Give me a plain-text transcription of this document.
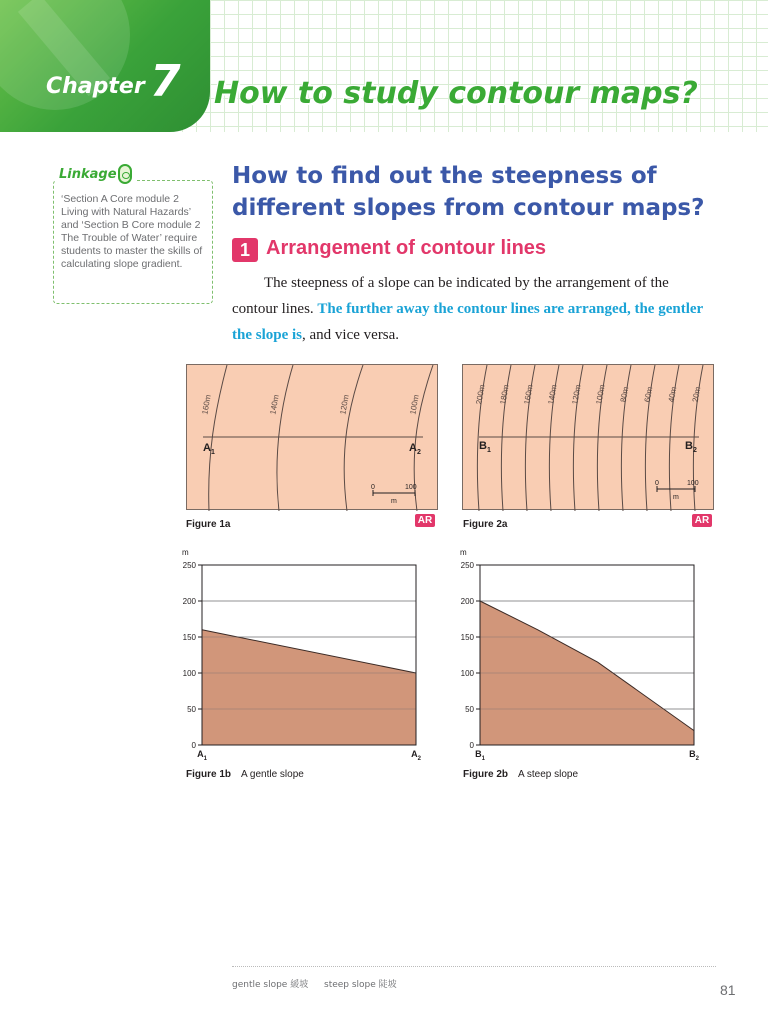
Chapter 7 How to study contour maps?

‘Section A Core module 2 Living with Natural Hazards’ and ‘Section B Core module 2 The Trouble of Water’ require students to master the skills of calculating slope gradient.

Linkage	How to find out the steepness of different slopes from contour maps?
1 Arrangement of contour lines

The steepness of a slope can be indicated by the arrangement of the contour lines. The further away the contour lines are arranged, the gentler the slope is, and vice versa.

0	100
m
160m	140m	120m	100m
$A_1$	$A_2$
Figure 1a	AR
0	100
m
200m 180m 160m 140m 120m 100m 80m 60m 40m 20m
$B_1$	$B_2$
Figure 2a	AR
m
0
50
100
150
200
250
$A_1$	$A_2$
m
0
50
100
150
200
250
$B_1$	$B_2$
Figure 1b A gentle slope	Figure 2b A steep slope
gentle slope 緩坡 steep slope 陡坡	81
